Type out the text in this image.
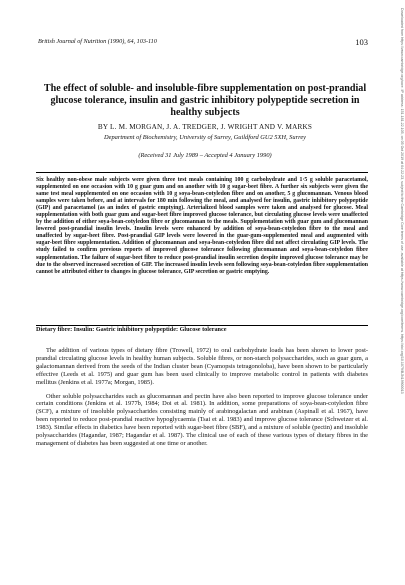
British Journal of Nutrition (1990), 64, 103-110	103	Downloaded from https://www.cambridge.org/core. IP address: 151.181.22.105, on 05 Oct 2019 at 04:22:23, subject to the Cambridge Core terms of use, available at https://www.cambridge.org/core/terms. https://doi.org/10.1079/BJN19900013
The effect of soluble- and insoluble-fibre supplementation on post-prandial glucose tolerance, insulin and gastric inhibitory polypeptide secretion in healthy subjects
BY L. M. MORGAN, J. A. TREDGER, J. WRIGHT AND V. MARKS
Department of Biochemistry, University of Surrey, Guildford GU2 5XH, Surrey
(Received 31 July 1989 – Accepted 4 January 1990)
Six healthy non-obese male subjects were given three test meals containing 100 g carbohydrate and 1·5 g soluble paracetamol, supplemented on one occasion with 10 g guar gum and on another with 10 g sugar-beet fibre. A further six subjects were given the same test meal supplemented on one occasion with 10 g soya-bean-cotyledon fibre and on another, 5 g glucomannan. Venous blood samples were taken before, and at intervals for 180 min following the meal, and analysed for insulin, gastric inhibitory polypeptide (GIP) and paracetamol (as an index of gastric emptying). Arterialized blood samples were taken and analysed for glucose. Meal supplementation with both guar gum and sugar-beet fibre improved glucose tolerance, but circulating glucose levels were unaffected by the addition of either soya-bean-cotyledon fibre or glucomannan to the meals. Supplementation with guar gum and glucomannan lowered post-prandial insulin levels. Insulin levels were enhanced by addition of soya-bean-cotyledon fibre to the meal and unaffected by sugar-beet fibre. Post-prandial GIP levels were lowered in the guar-gum-supplemented meal and augmented with sugar-beet fibre supplementation. Addition of glucomannan and soya-bean-cotyledon fibre did not affect circulating GIP levels. The study failed to confirm previous reports of improved glucose tolerance following glucomannan and soya-bean-cotyledon fibre supplementation. The failure of sugar-beet fibre to reduce post-prandial insulin secretion despite improved glucose tolerance may be due to the observed increased secretion of GIP. The increased insulin levels seen following soya-bean-cotyledon fibre supplementation cannot be attributed either to changes in glucose tolerance, GIP secretion or gastric emptying.
Dietary fibre: Insulin: Gastric inhibitory polypeptide: Glucose tolerance

The addition of various types of dietary fibre (Trowell, 1972) to oral carbohydrate loads has been shown to lower post-prandial circulating glucose levels in healthy human subjects. Soluble fibres, or non-starch polysaccharides, such as guar gum, a galactomannan derived from the seeds of the Indian cluster bean (Cyamopsis tetragonoloba), have been shown to be particularly effective (Leeds et al. 1975) and guar gum has been used clinically to improve metabolic control in patients with diabetes mellitus (Jenkins et al. 1977a; Morgan, 1985).

Other soluble polysaccharides such as glucomannan and pectin have also been reported to improve glucose tolerance under certain conditions (Jenkins et al. 1977b, 1984; Doi et al. 1981). In addition, some preparations of soya-bean-cotyledon fibre (SCF), a mixture of insoluble polysaccharides consisting mainly of arabinogalactan and arabinan (Aspinall et al. 1967), have been reported to reduce post-prandial reactive hypoglycaemia (Tsai et al. 1983) and improve glucose tolerance (Schweizer et al. 1983). Similar effects in diabetics have been reported with sugar-beet fibre (SBF), and a mixture of soluble (pectin) and insoluble polysaccharides (Hagandar, 1987; Hagandar et al. 1987). The clinical use of each of these various types of dietary fibres in the management of diabetes has been suggested at one time or another.
